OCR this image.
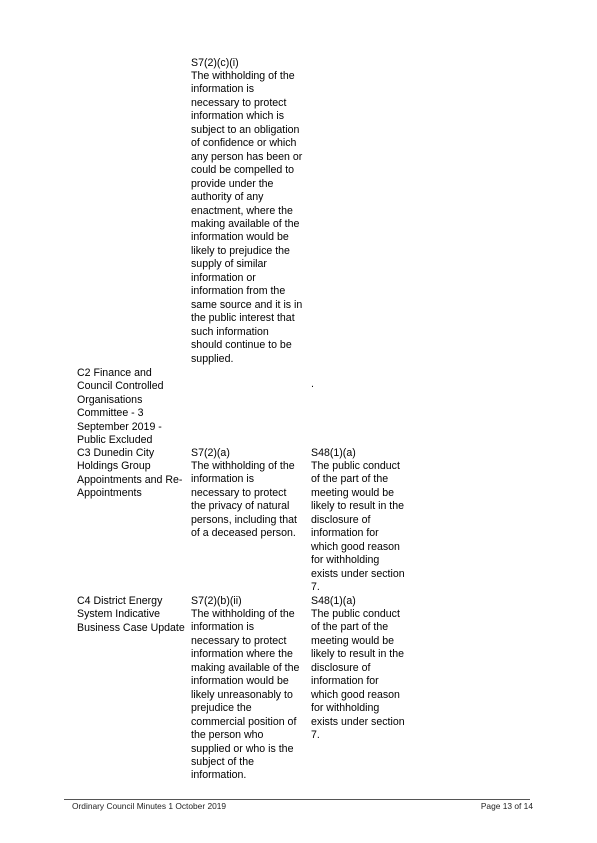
S7(2)(c)(i)
The withholding of the
information is
necessary to protect
information which is
subject to an obligation
of confidence or which
any person has been or
could be compelled to
provide under the
authority of any
enactment, where the
making available of the
information would be
likely to prejudice the
supply of similar
information or
information from the
same source and it is in
the public interest that
such information
should continue to be
supplied.
C2 Finance and
Council Controlled
Organisations
Committee - 3
September 2019 -
Public Excluded
.
C3 Dunedin City
Holdings Group
Appointments and Re-
Appointments
S7(2)(a)
The withholding of the
information is
necessary to protect
the privacy of natural
persons, including that
of a deceased person.
S48(1)(a)
The public conduct
of the part of the
meeting would be
likely to result in the
disclosure of
information for
which good reason
for withholding
exists under section
7.
C4 District Energy
System Indicative
Business Case Update
S7(2)(b)(ii)
The withholding of the
information is
necessary to protect
information where the
making available of the
information would be
likely unreasonably to
prejudice the
commercial position of
the person who
supplied or who is the
subject of the
information.
S48(1)(a)
The public conduct
of the part of the
meeting would be
likely to result in the
disclosure of
information for
which good reason
for withholding
exists under section
7.
Ordinary Council Minutes 1 October 2019	Page 13 of 14
